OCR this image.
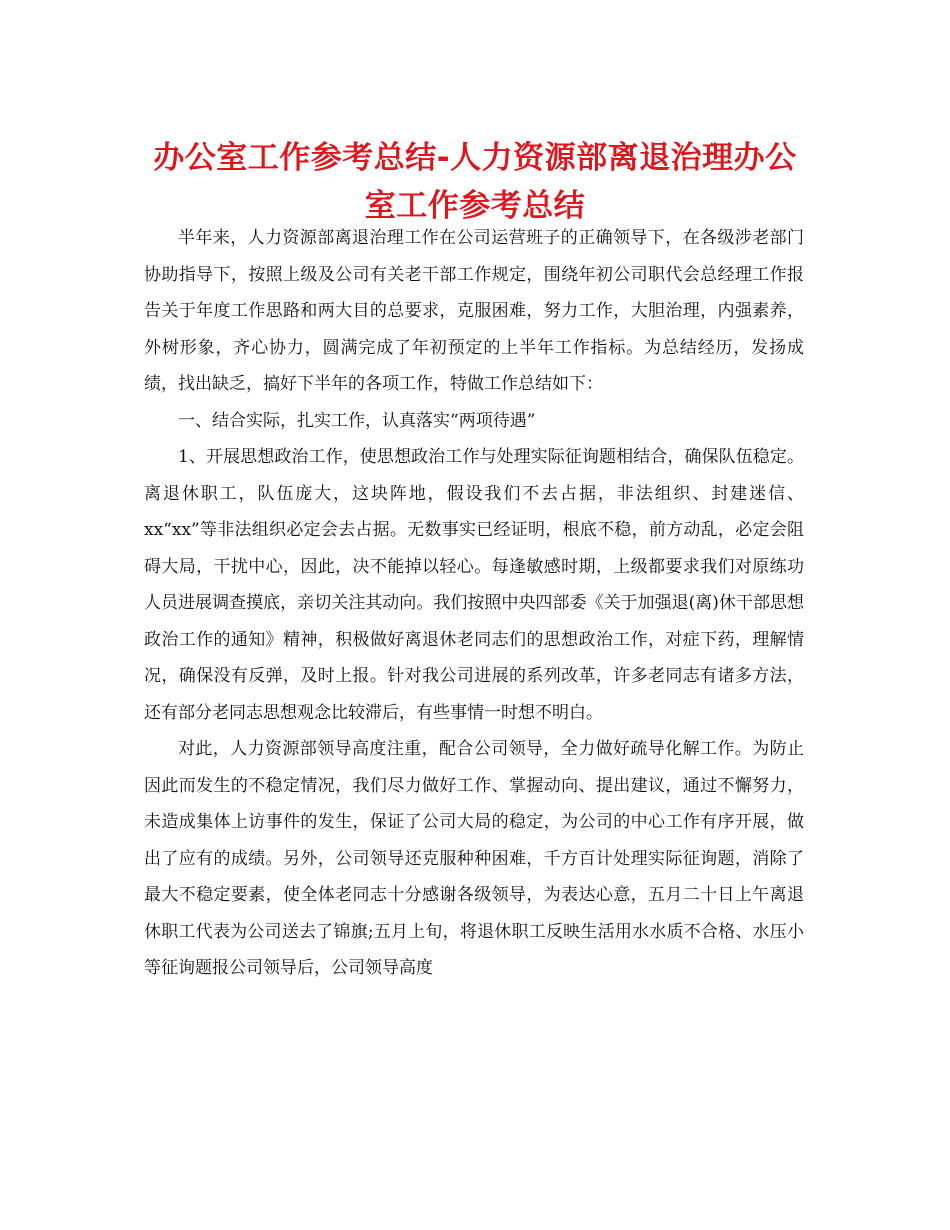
办公室工作参考总结-人力资源部离退治理办公室工作参考总结

半年来，人力资源部离退治理工作在公司运营班子的正确领导下，在各级涉老部门协助指导下，按照上级及公司有关老干部工作规定，围绕年初公司职代会总经理工作报告关于年度工作思路和两大目的总要求，克服困难，努力工作，大胆治理，内强素养，外树形象，齐心协力，圆满完成了年初预定的上半年工作指标。为总结经历，发扬成绩，找出缺乏，搞好下半年的各项工作，特做工作总结如下：

一、结合实际，扎实工作，认真落实“两项待遇”

1、开展思想政治工作，使思想政治工作与处理实际征询题相结合，确保队伍稳定。离退休职工，队伍庞大，这块阵地，假设我们不去占据，非法组织、封建迷信、xx“xx”等非法组织必定会去占据。无数事实已经证明，根底不稳，前方动乱，必定会阻碍大局，干扰中心，因此，决不能掉以轻心。每逢敏感时期，上级都要求我们对原练功人员进展调查摸底，亲切关注其动向。我们按照中央四部委《关于加强退(离)休干部思想政治工作的通知》精神，积极做好离退休老同志们的思想政治工作，对症下药，理解情况，确保没有反弹，及时上报。针对我公司进展的系列改革，许多老同志有诸多方法，还有部分老同志思想观念比较滞后，有些事情一时想不明白。

对此，人力资源部领导高度注重，配合公司领导，全力做好疏导化解工作。为防止因此而发生的不稳定情况，我们尽力做好工作、掌握动向、提出建议，通过不懈努力，未造成集体上访事件的发生，保证了公司大局的稳定，为公司的中心工作有序开展，做出了应有的成绩。另外，公司领导还克服种种困难，千方百计处理实际征询题，消除了最大不稳定要素，使全体老同志十分感谢各级领导，为表达心意，五月二十日上午离退休职工代表为公司送去了锦旗;五月上旬，将退休职工反映生活用水水质不合格、水压小等征询题报公司领导后，公司领导高度
